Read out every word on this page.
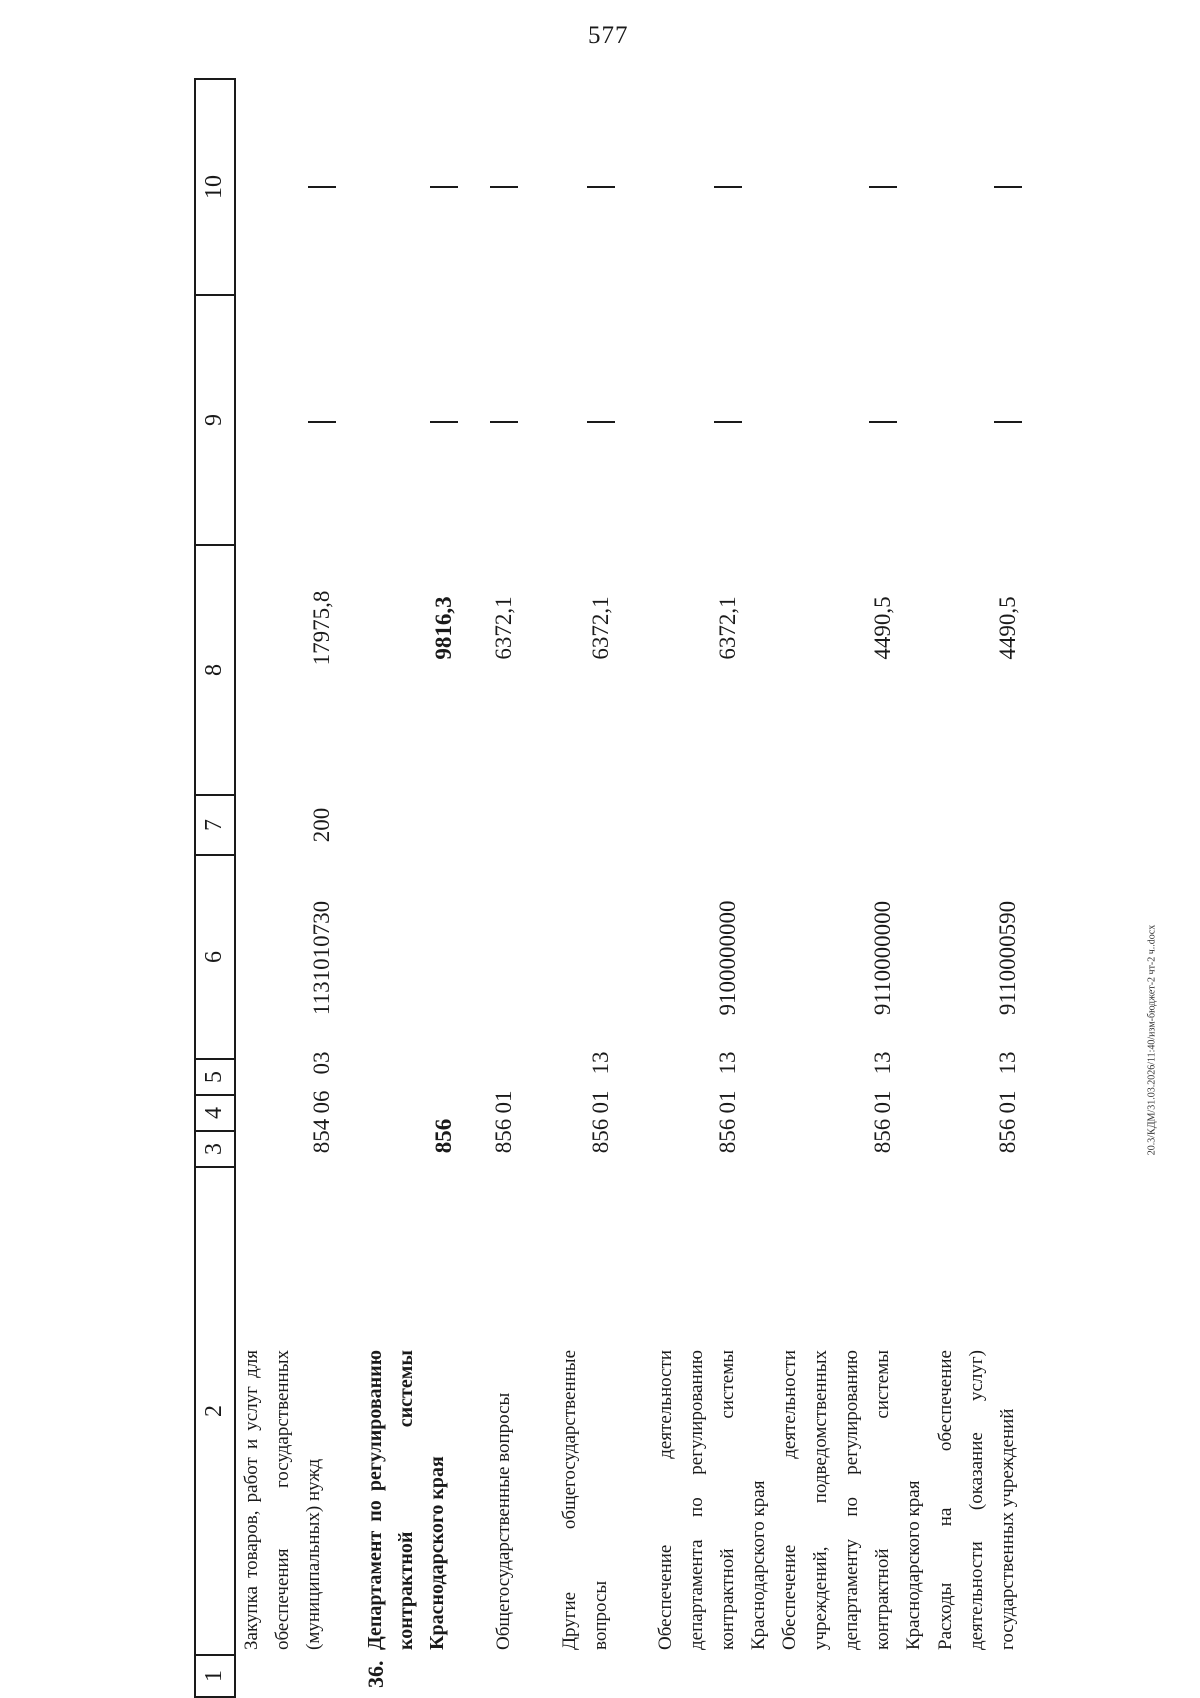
577
20.3/КДМ/31.03.2026/11:40/изм-бюджет-2 чт-2 ч..docx
1
2
3
4
5
6
7
8
9
10
Закупка товаров, работ и услуг для обеспечения государственных (муниципальных) нужд
854
06
03
1131010730
200
17975,8
36.
Департамент по регулированию контрактной системы Краснодарского края
856
9816,3
Общегосударственные вопросы
856
01
6372,1
Другие общегосударственные вопросы
856
01
13
6372,1
Обеспечение деятельности департамента по регулированию контрактной системы Краснодарского края
856
01
13
9100000000
6372,1
Обеспечение деятельности учреждений, подведомственных департаменту по регулированию контрактной системы Краснодарского края
856
01
13
9110000000
4490,5
Расходы на обеспечение деятельности (оказание услуг) государственных учреждений
856
01
13
9110000590
4490,5
